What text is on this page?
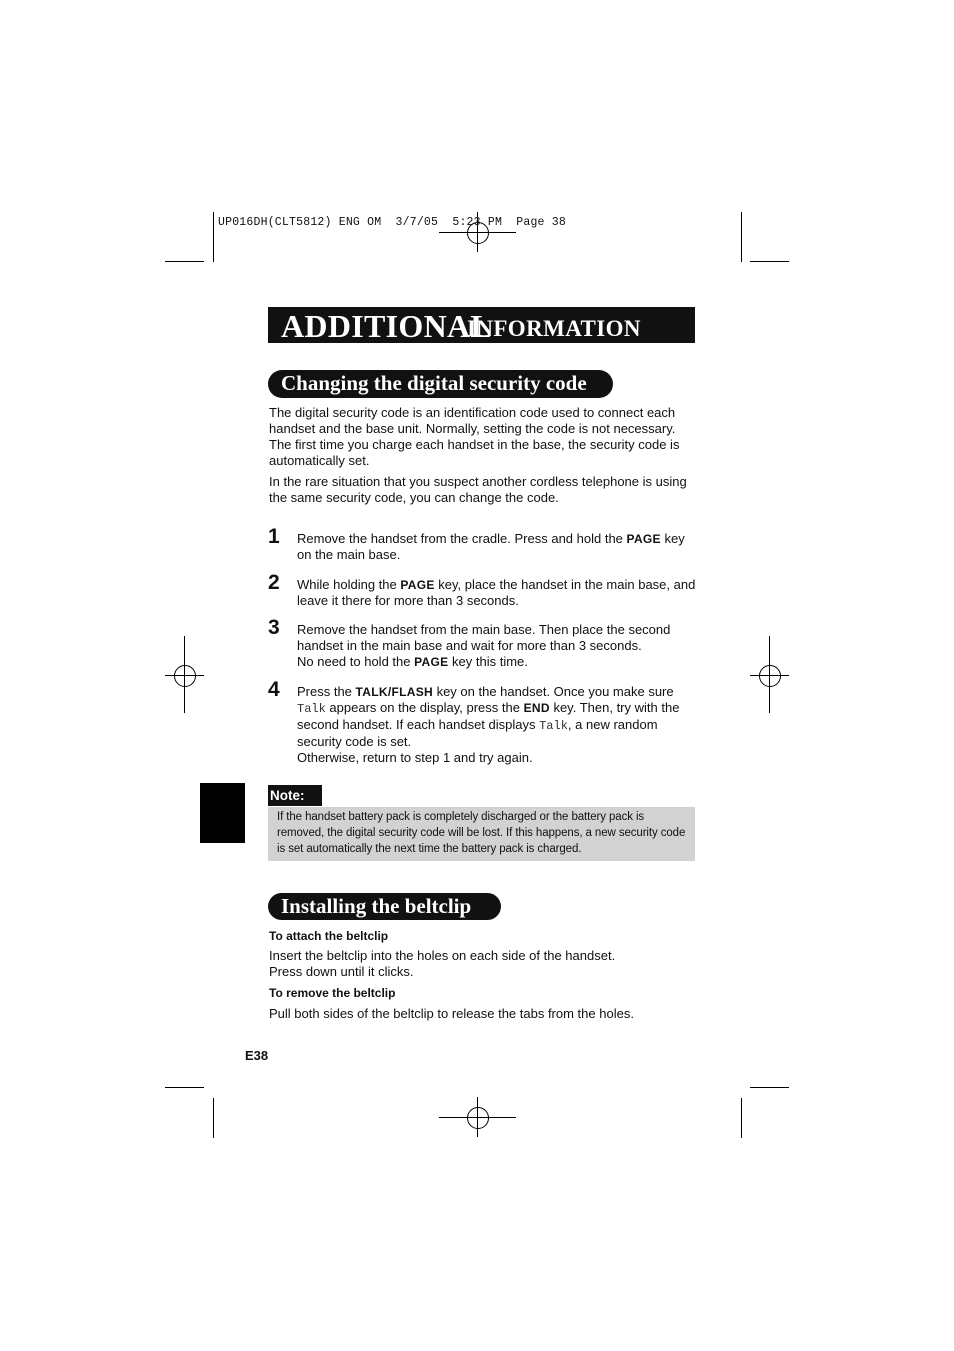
UP016DH(CLT5812) ENG OM  3/7/05  5:23 PM  Page 38
ADDITIONAL
INFORMATION
Changing the digital security code

The digital security code is an identification code used to connect each handset and the base unit. Normally, setting the code is not necessary. The first time you charge each handset in the base, the security code is automatically set.

In the rare situation that you suspect another cordless telephone is using the same security code, you can change the code.

1 Remove the handset from the cradle. Press and hold the PAGE key on the main base.

2 While holding the PAGE key, place the handset in the main base, and leave it there for more than 3 seconds.

3 Remove the handset from the main base. Then place the second handset in the main base and wait for more than 3 seconds.
No need to hold the PAGE key this time.

4 Press the TALK/FLASH key on the handset. Once you make sure Talk appears on the display, press the END key. Then, try with the second handset. If each handset displays Talk, a new random security code is set.
Otherwise, return to step 1 and try again.

Note:

If the handset battery pack is completely discharged or the battery pack is removed, the digital security code will be lost. If this happens, a new security code is set automatically the next time the battery pack is charged.

Installing the beltclip
To attach the beltclip

Insert the beltclip into the holes on each side of the handset.
Press down until it clicks.

To remove the beltclip

Pull both sides of the beltclip to release the tabs from the holes.

E38
